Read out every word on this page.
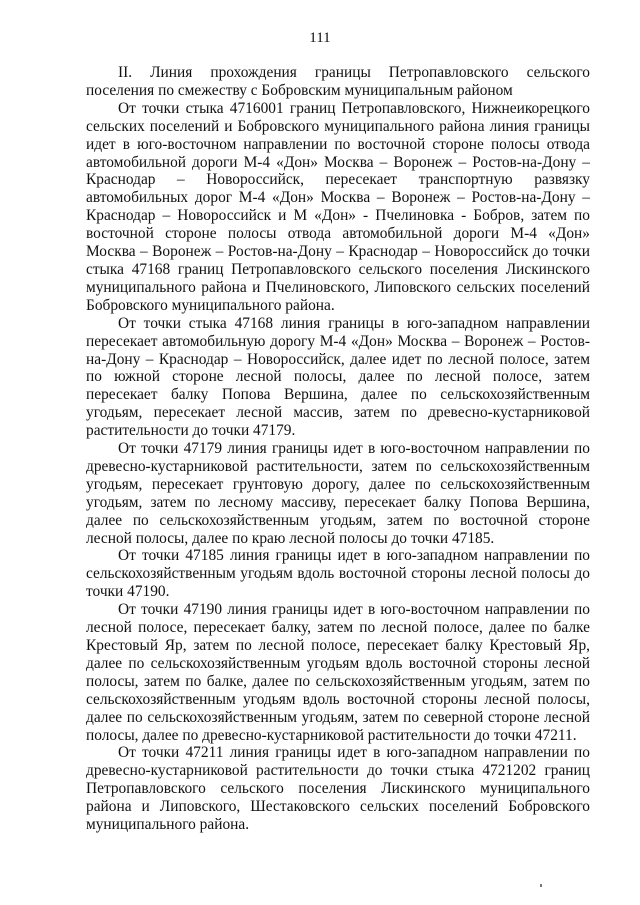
111

II. Линия прохождения границы Петропавловского сельского поселения по смежеству с Бобровским муниципальным районом

От точки стыка 4716001 границ Петропавловского, Нижнеикорецкого сельских поселений и Бобровского муниципального района линия границы идет в юго-восточном направлении по восточной стороне полосы отвода автомобильной дороги М-4 «Дон» Москва – Воронеж – Ростов-на-Дону – Краснодар – Новороссийск, пересекает транспортную развязку автомобильных дорог М-4 «Дон» Москва – Воронеж – Ростов-на-Дону – Краснодар – Новороссийск и М «Дон» - Пчелиновка - Бобров, затем по восточной стороне полосы отвода автомобильной дороги М-4 «Дон» Москва – Воронеж – Ростов-на-Дону – Краснодар – Новороссийск до точки стыка 47168 границ Петропавловского сельского поселения Лискинского муниципального района и Пчелиновского, Липовского сельских поселений Бобровского муниципального района.

От точки стыка 47168 линия границы в юго-западном направлении пересекает автомобильную дорогу М-4 «Дон» Москва – Воронеж – Ростов-на-Дону – Краснодар – Новороссийск, далее идет по лесной полосе, затем по южной стороне лесной полосы, далее по лесной полосе, затем пересекает балку Попова Вершина, далее по сельскохозяйственным угодьям, пересекает лесной массив, затем по древесно-кустарниковой растительности до точки 47179.

От точки 47179 линия границы идет в юго-восточном направлении по древесно-кустарниковой растительности, затем по сельскохозяйственным угодьям, пересекает грунтовую дорогу, далее по сельскохозяйственным угодьям, затем по лесному массиву, пересекает балку Попова Вершина, далее по сельскохозяйственным угодьям, затем по восточной стороне лесной полосы, далее по краю лесной полосы до точки 47185.

От точки 47185 линия границы идет в юго-западном направлении по сельскохозяйственным угодьям вдоль восточной стороны лесной полосы до точки 47190.

От точки 47190 линия границы идет в юго-восточном направлении по лесной полосе, пересекает балку, затем по лесной полосе, далее по балке Крестовый Яр, затем по лесной полосе, пересекает балку Крестовый Яр, далее по сельскохозяйственным угодьям вдоль восточной стороны лесной полосы, затем по балке, далее по сельскохозяйственным угодьям, затем по сельскохозяйственным угодьям вдоль восточной стороны лесной полосы, далее по сельскохозяйственным угодьям, затем по северной стороне лесной полосы, далее по древесно-кустарниковой растительности до точки 47211.

От точки 47211 линия границы идет в юго-западном направлении по древесно-кустарниковой растительности до точки стыка 4721202 границ Петропавловского сельского поселения Лискинского муниципального района и Липовского, Шестаковского сельских поселений Бобровского муниципального района.
